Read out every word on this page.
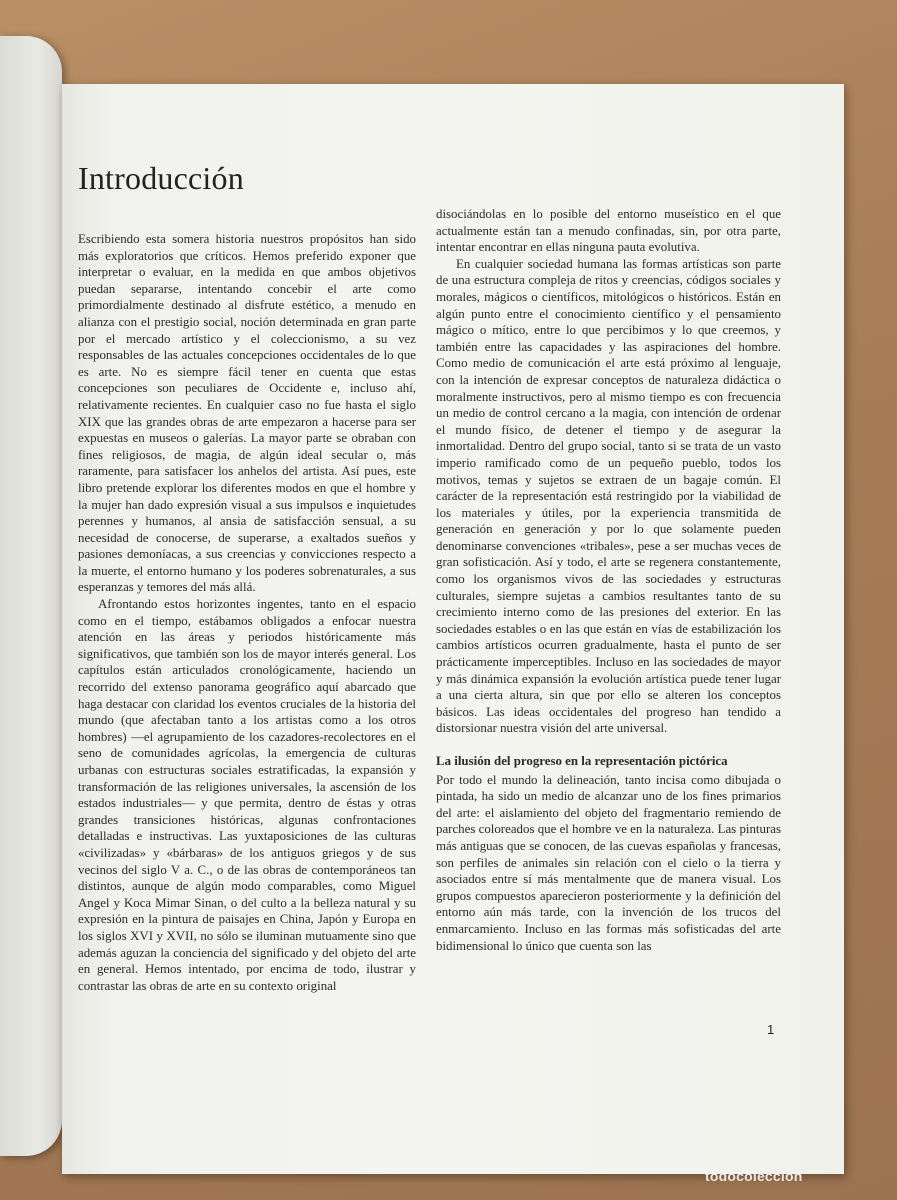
Introducción

Escribiendo esta somera historia nuestros propósitos han sido más exploratorios que críticos. Hemos preferido exponer que interpretar o evaluar, en la medida en que ambos objetivos puedan separarse, intentando concebir el arte como primordialmente destinado al disfrute estético, a menudo en alianza con el prestigio social, noción determinada en gran parte por el mercado artístico y el coleccionismo, a su vez responsables de las actuales concepciones occidentales de lo que es arte. No es siempre fácil tener en cuenta que estas concepciones son peculiares de Occidente e, incluso ahí, relativamente recientes. En cualquier caso no fue hasta el siglo XIX que las grandes obras de arte empezaron a hacerse para ser expuestas en museos o galerías. La mayor parte se obraban con fines religiosos, de magia, de algún ideal secular o, más raramente, para satisfacer los anhelos del artista. Así pues, este libro pretende explorar los diferentes modos en que el hombre y la mujer han dado expresión visual a sus impulsos e inquietudes perennes y humanos, al ansia de satisfacción sensual, a su necesidad de conocerse, de superarse, a exaltados sueños y pasiones demoníacas, a sus creencias y convicciones respecto a la muerte, el entorno humano y los poderes sobrenaturales, a sus esperanzas y temores del más allá.

Afrontando estos horizontes ingentes, tanto en el espacio como en el tiempo, estábamos obligados a enfocar nuestra atención en las áreas y periodos históricamente más significativos, que también son los de mayor interés general. Los capítulos están articulados cronológicamente, haciendo un recorrido del extenso panorama geográfico aquí abarcado que haga destacar con claridad los eventos cruciales de la historia del mundo (que afectaban tanto a los artistas como a los otros hombres) —el agrupamiento de los cazadores-recolectores en el seno de comunidades agrícolas, la emergencia de culturas urbanas con estructuras sociales estratificadas, la expansión y transformación de las religiones universales, la ascensión de los estados industriales— y que permita, dentro de éstas y otras grandes transiciones históricas, algunas confrontaciones detalladas e instructivas. Las yuxtaposiciones de las culturas «civilizadas» y «bárbaras» de los antiguos griegos y de sus vecinos del siglo V a. C., o de las obras de contemporáneos tan distintos, aunque de algún modo comparables, como Miguel Angel y Koca Mimar Sinan, o del culto a la belleza natural y su expresión en la pintura de paisajes en China, Japón y Europa en los siglos XVI y XVII, no sólo se iluminan mutuamente sino que además aguzan la conciencia del significado y del objeto del arte en general. Hemos intentado, por encima de todo, ilustrar y contrastar las obras de arte en su contexto original

disociándolas en lo posible del entorno museístico en el que actualmente están tan a menudo confinadas, sin, por otra parte, intentar encontrar en ellas ninguna pauta evolutiva.

En cualquier sociedad humana las formas artísticas son parte de una estructura compleja de ritos y creencias, códigos sociales y morales, mágicos o científicos, mitológicos o históricos. Están en algún punto entre el conocimiento científico y el pensamiento mágico o mítico, entre lo que percibimos y lo que creemos, y también entre las capacidades y las aspiraciones del hombre. Como medio de comunicación el arte está próximo al lenguaje, con la intención de expresar conceptos de naturaleza didáctica o moralmente instructivos, pero al mismo tiempo es con frecuencia un medio de control cercano a la magia, con intención de ordenar el mundo físico, de detener el tiempo y de asegurar la inmortalidad. Dentro del grupo social, tanto si se trata de un vasto imperio ramificado como de un pequeño pueblo, todos los motivos, temas y sujetos se extraen de un bagaje común. El carácter de la representación está restringido por la viabilidad de los materiales y útiles, por la experiencia transmitida de generación en generación y por lo que solamente pueden denominarse convenciones «tribales», pese a ser muchas veces de gran sofisticación. Así y todo, el arte se regenera constantemente, como los organismos vivos de las sociedades y estructuras culturales, siempre sujetas a cambios resultantes tanto de su crecimiento interno como de las presiones del exterior. En las sociedades estables o en las que están en vías de estabilización los cambios artísticos ocurren gradualmente, hasta el punto de ser prácticamente imperceptibles. Incluso en las sociedades de mayor y más dinámica expansión la evolución artística puede tener lugar a una cierta altura, sin que por ello se alteren los conceptos básicos. Las ideas occidentales del progreso han tendido a distorsionar nuestra visión del arte universal.

La ilusión del progreso en la representación pictórica

Por todo el mundo la delineación, tanto incisa como dibujada o pintada, ha sido un medio de alcanzar uno de los fines primarios del arte: el aislamiento del objeto del fragmentario remiendo de parches coloreados que el hombre ve en la naturaleza. Las pinturas más antiguas que se conocen, de las cuevas españolas y francesas, son perfiles de animales sin relación con el cielo o la tierra y asociados entre sí más mentalmente que de manera visual. Los grupos compuestos aparecieron posteriormente y la definición del entorno aún más tarde, con la invención de los trucos del enmarcamiento. Incluso en las formas más sofisticadas del arte bidimensional lo único que cuenta son las

1
todocoleccion
